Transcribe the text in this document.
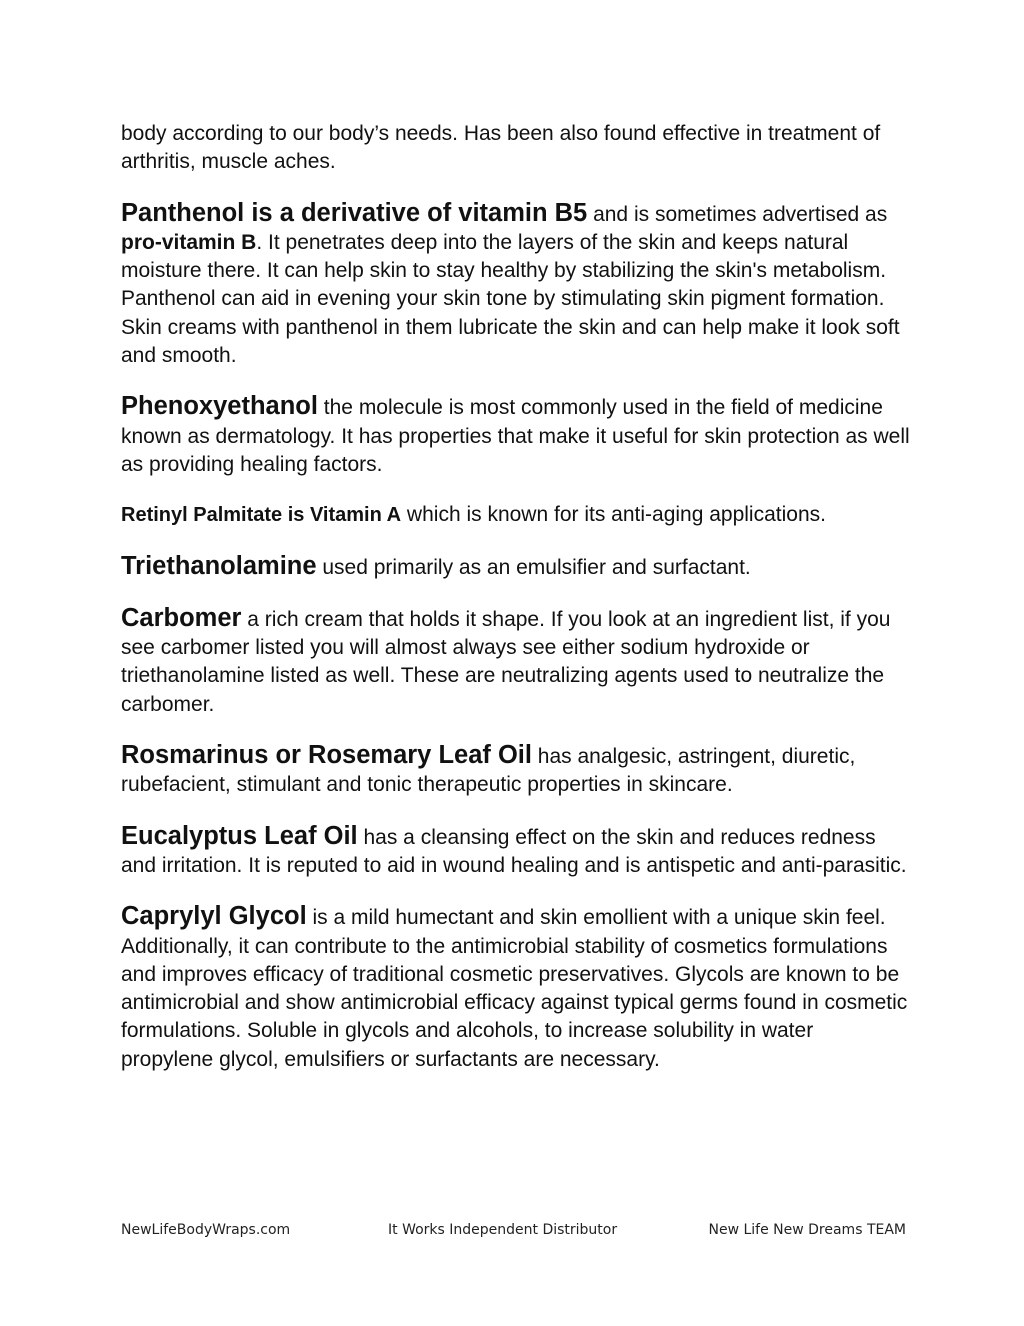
body according to our body’s needs. Has been also found effective in treatment of arthritis, muscle aches.

Panthenol is a derivative of vitamin B5 and is sometimes advertised as pro-vitamin B. It penetrates deep into the layers of the skin and keeps natural moisture there. It can help skin to stay healthy by stabilizing the skin's metabolism. Panthenol can aid in evening your skin tone by stimulating skin pigment formation. Skin creams with panthenol in them lubricate the skin and can help make it look soft and smooth.

Phenoxyethanol the molecule is most commonly used in the field of medicine known as dermatology. It has properties that make it useful for skin protection as well as providing healing factors.

Retinyl Palmitate is Vitamin A which is known for its anti-aging applications.

Triethanolamine used primarily as an emulsifier and surfactant.

Carbomer a rich cream that holds it shape. If you look at an ingredient list, if you see carbomer listed you will almost always see either sodium hydroxide or triethanolamine listed as well. These are neutralizing agents used to neutralize the carbomer.

Rosmarinus or Rosemary Leaf Oil has analgesic, astringent, diuretic, rubefacient, stimulant and tonic therapeutic properties in skincare.

Eucalyptus Leaf Oil has a cleansing effect on the skin and reduces redness and irritation. It is reputed to aid in wound healing and is antispetic and anti-parasitic.

Caprylyl Glycol is a mild humectant and skin emollient with a unique skin feel. Additionally, it can contribute to the antimicrobial stability of cosmetics formulations and improves efficacy of traditional cosmetic preservatives. Glycols are known to be antimicrobial and show antimicrobial efficacy against typical germs found in cosmetic formulations. Soluble in glycols and alcohols, to increase solubility in water propylene glycol, emulsifiers or surfactants are necessary.

NewLifeBodyWraps.com	It Works Independent Distributor	New Life New Dreams TEAM
